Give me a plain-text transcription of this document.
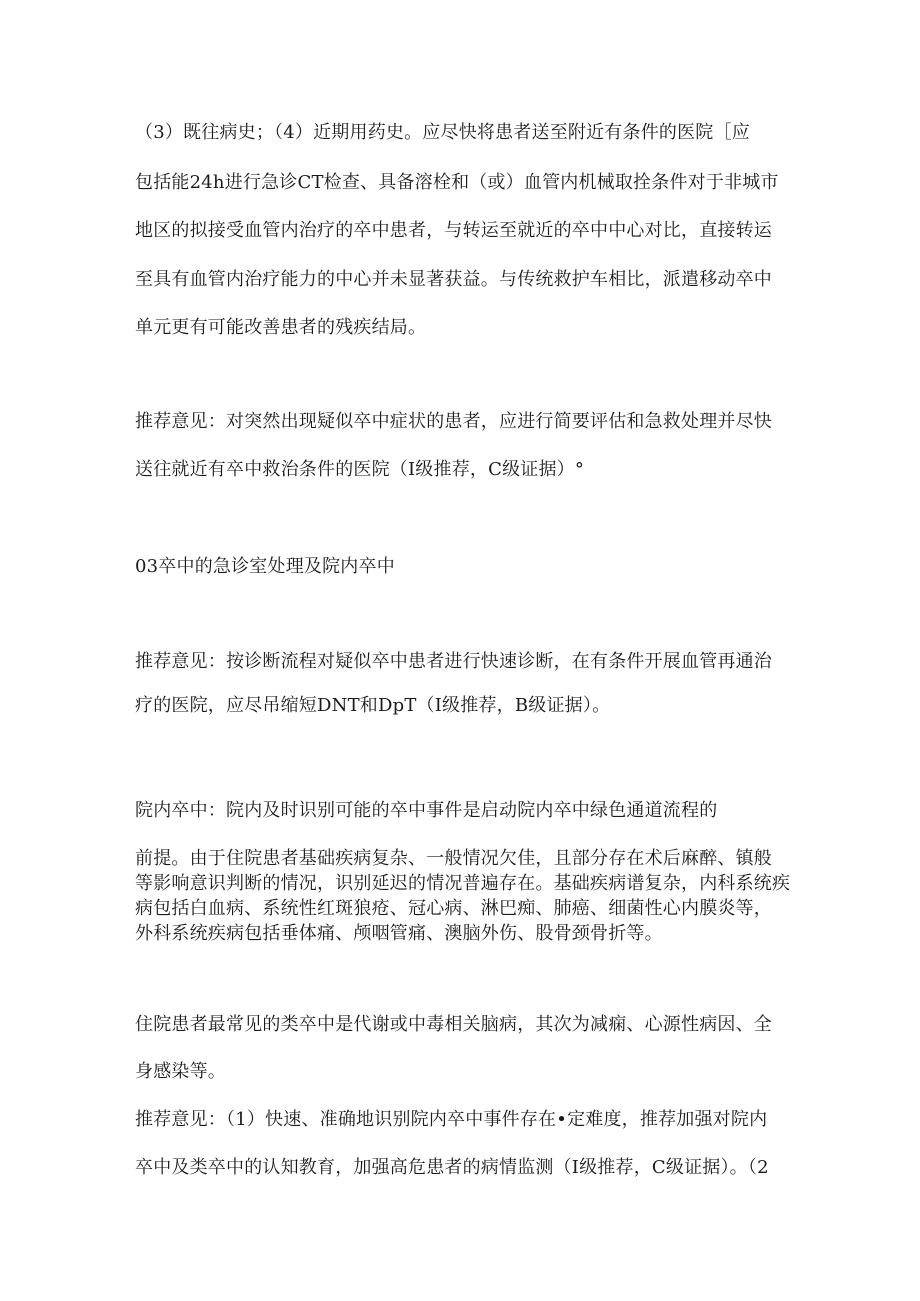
（3）既往病史；（4）近期用药史。应尽快将患者送至附近有条件的医院［应
包括能24h进行急诊CT检查、具备溶栓和（或）血管内机械取拴条件对于非城市
地区的拟接受血管内治疗的卒中患者，与转运至就近的卒中中心对比，直接转运
至具有血管内治疗能力的中心并未显著获益。与传统救护车相比，派遣移动卒中
单元更有可能改善患者的残疾结局。
推荐意见：对突然出现疑似卒中症状的患者，应进行简要评估和急救处理并尽快
送往就近有卒中救治条件的医院（I级推荐，C级证据）°
03卒中的急诊室处理及院内卒中
推荐意见：按诊断流程对疑似卒中患者进行快速诊断，在有条件开展血管再通治
疗的医院，应尽吊缩短DNT和DpT（I级推荐，B级证据）。
院内卒中：院内及时识别可能的卒中事件是启动院内卒中绿色通道流程的
前提。由于住院患者基础疾病复杂、一般情况欠佳，且部分存在术后麻醉、镇般
等影响意识判断的情况，识别延迟的情况普遍存在。基础疾病谱复杂，内科系统疾
病包括白血病、系统性红斑狼疮、冠心病、淋巴痴、肺癌、细菌性心内膜炎等，
外科系统疾病包括垂体痛、颅咽管痛、澳脑外伤、股骨颈骨折等。
住院患者最常见的类卒中是代谢或中毒相关脑病，其次为减痫、心源性病因、全
身感染等。
推荐意见：（1）快速、准确地识别院内卒中事件存在•定难度，推荐加强对院内
卒中及类卒中的认知教育，加强高危患者的病情监测（I级推荐，C级证据）。（2
